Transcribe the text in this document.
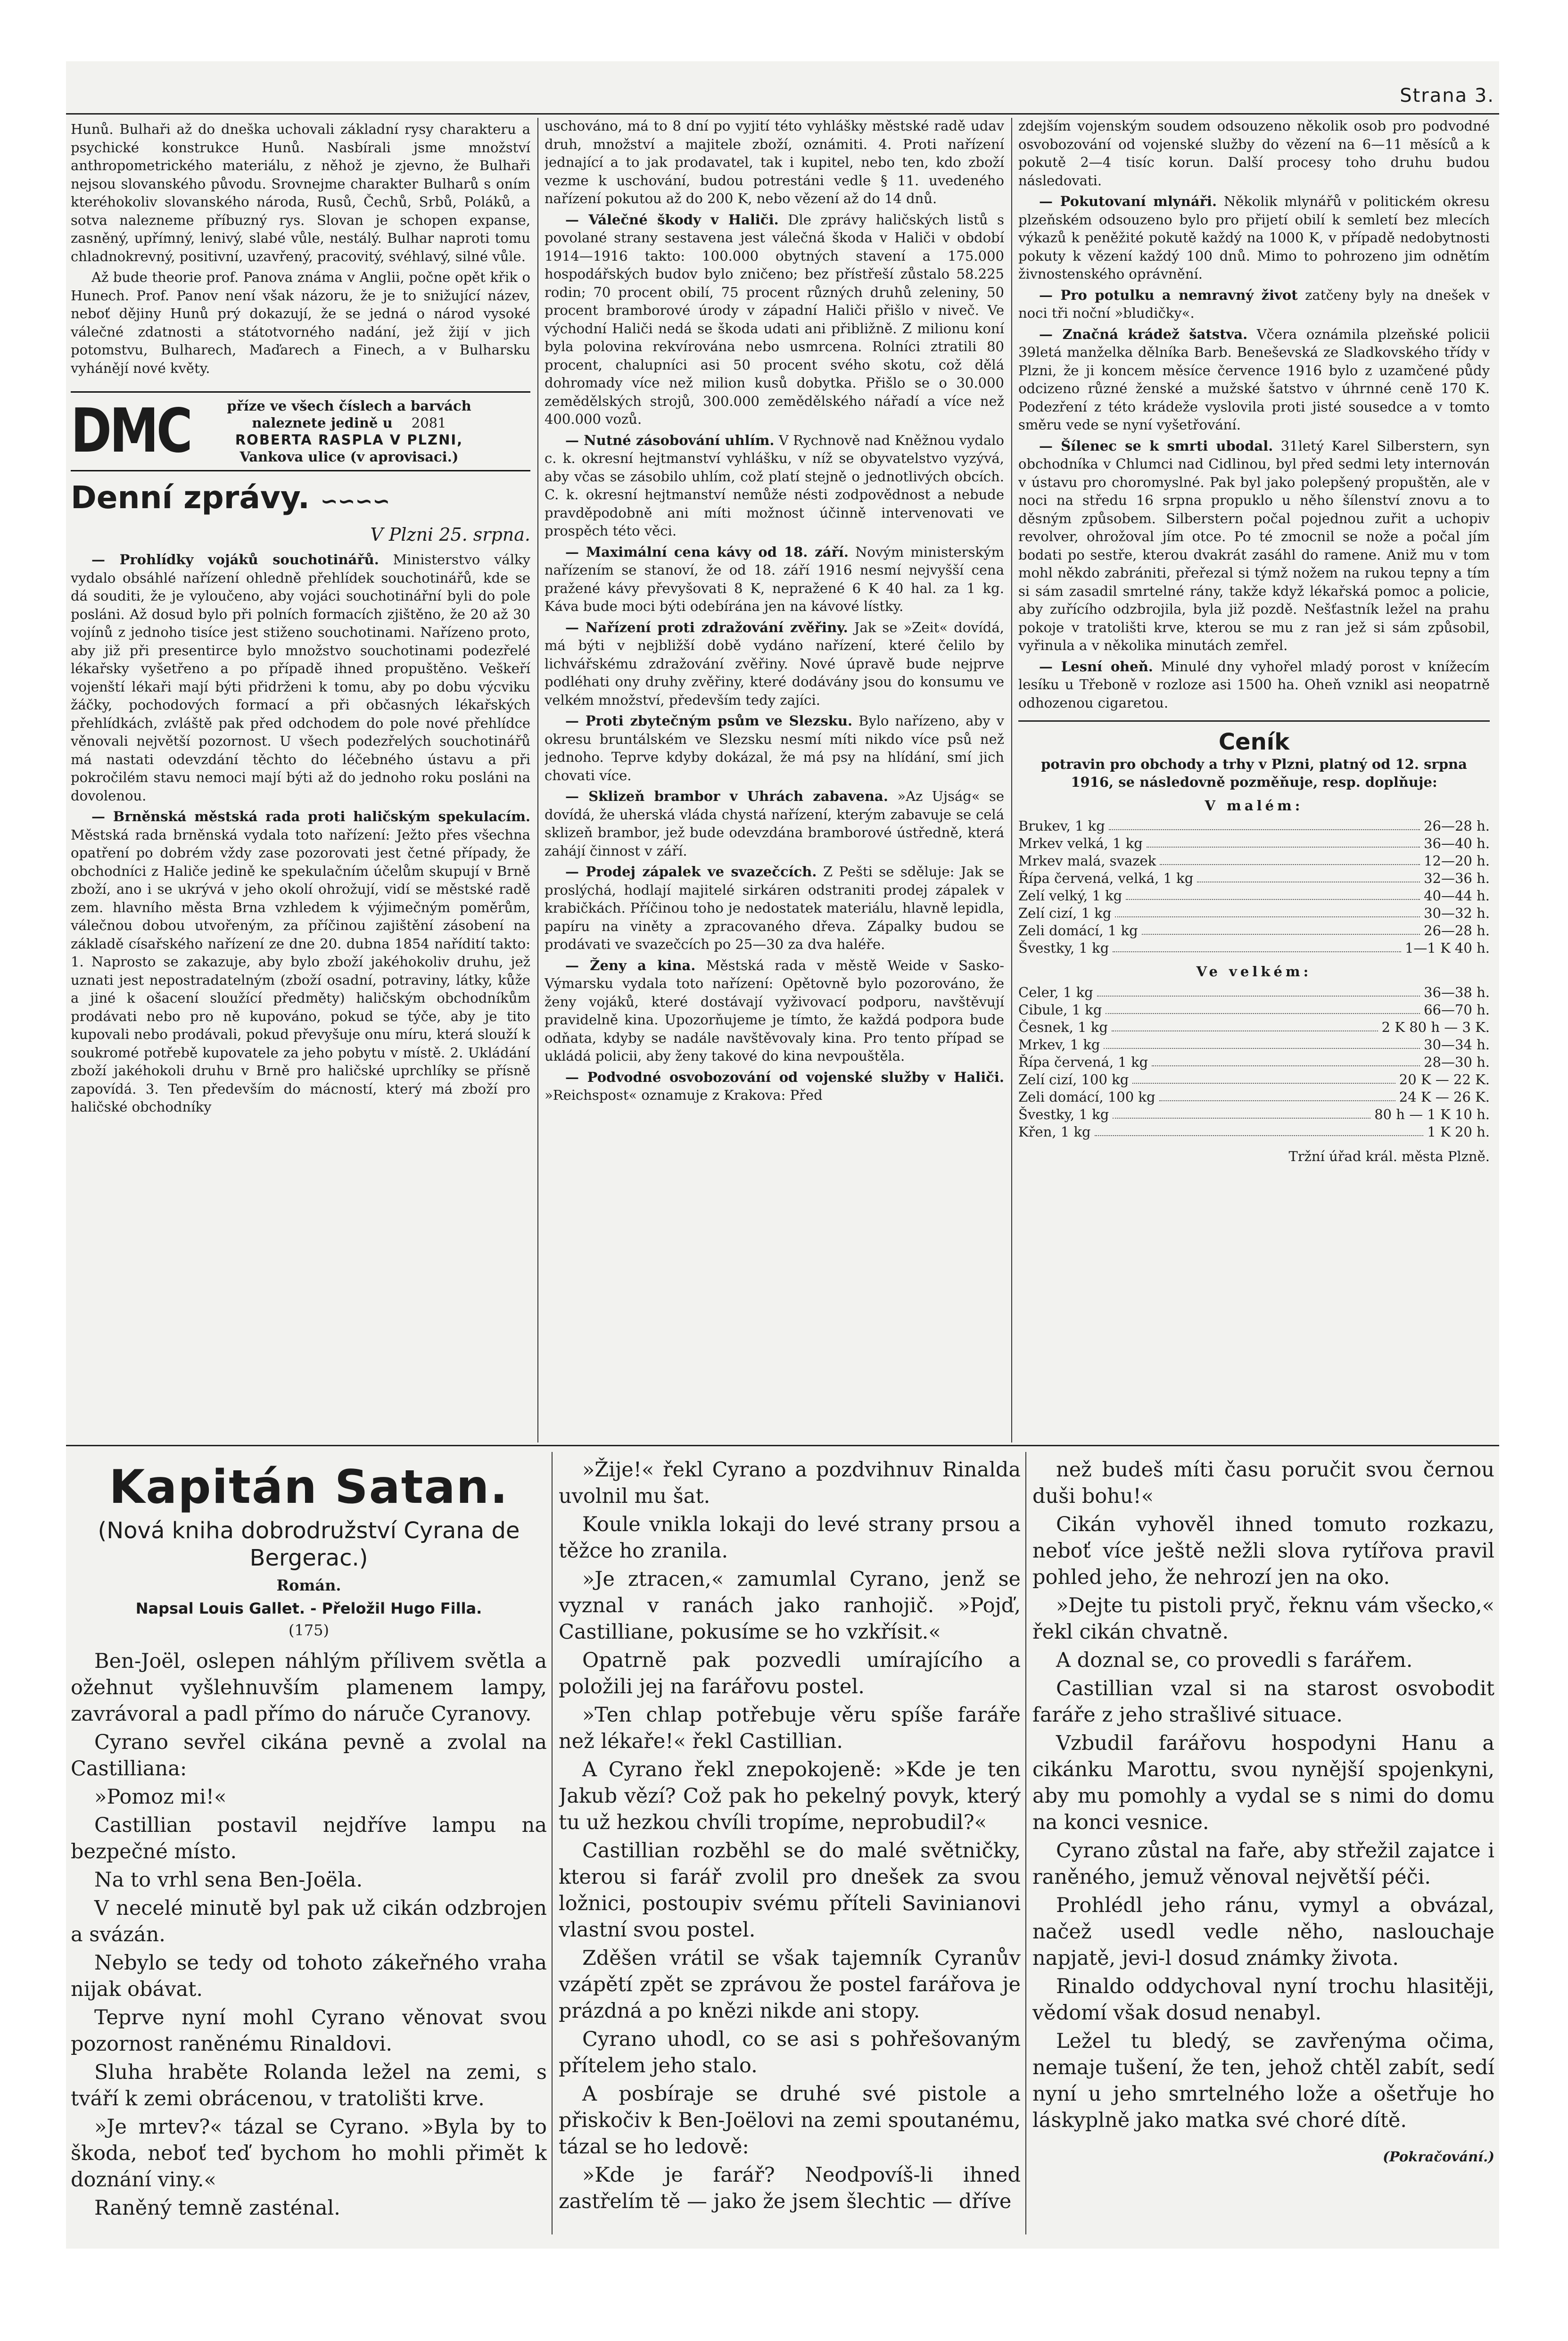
Strana 3.

Hunů. Bulhaři až do dneška uchovali základní rysy charakteru a psychické konstrukce Hunů. Nasbírali jsme množství anthropometrického materiálu, z něhož je zjevno, že Bulhaři nejsou slovanského původu. Srovnejme charakter Bulharů s oním kteréhokoliv slovanského národa, Rusů, Čechů, Srbů, Poláků, a sotva nalezneme příbuzný rys. Slovan je schopen expanse, zasněný, upřímný, lenivý, slabé vůle, nestálý. Bulhar naproti tomu chladnokrevný, positivní, uzavřený, pracovitý, svéhlavý, silné vůle.

Až bude theorie prof. Panova známa v Anglii, počne opět křik o Hunech. Prof. Panov není však názoru, že je to snižující název, neboť dějiny Hunů prý dokazují, že se jedná o národ vysoké válečné zdatnosti a státotvorného nadání, jež žijí v jich potomstvu, Bulharech, Maďarech a Finech, a v Bulharsku vyhánějí nové květy.

DMC	příze ve všech číslech a barvách
naleznete jedině u 2081
ROBERTA RASPLA V PLZNI,
Vankova ulice (v aprovisaci.)
Denní zprávy. ∽∽∽∽
V Plzni 25. srpna.

— Prohlídky vojáků souchotinářů. Ministerstvo války vydalo obsáhlé nařízení ohledně přehlídek souchotinářů, kde se dá souditi, že je vyloučeno, aby vojáci souchotinářní byli do pole posláni. Až dosud bylo při polních formacích zjištěno, že 20 až 30 vojínů z jednoho tisíce jest stiženo souchotinami. Nařízeno proto, aby již při presentirce bylo množstvo souchotinami podezřelé lékařsky vyšetřeno a po případě ihned propuštěno. Veškeří vojenští lékaři mají býti přidrženi k tomu, aby po dobu výcviku žáčky, pochodových formací a při občasných lékařských přehlídkách, zvláště pak před odchodem do pole nové přehlídce věnovali největší pozornost. U všech podezřelých souchotinářů má nastati odevzdání těchto do léčebného ústavu a při pokročilém stavu nemoci mají býti až do jednoho roku posláni na dovolenou.

— Brněnská městská rada proti haličským spekulacím. Městská rada brněnská vydala toto nařízení: Ježto přes všechna opatření po dobrém vždy zase pozorovati jest četné případy, že obchodníci z Haliče jedině ke spekulačním účelům skupují v Brně zboží, ano i se ukrývá v jeho okolí ohrožují, vidí se městské radě zem. hlavního města Brna vzhledem k výjimečným poměrům, válečnou dobou utvořeným, za příčinou zajištění zásobení na základě císařského nařízení ze dne 20. dubna 1854 nařídití takto: 1. Naprosto se zakazuje, aby bylo zboží jakéhokoliv druhu, jež uznati jest nepostradatelným (zboží osadní, potraviny, látky, kůže a jiné k ošacení sloužící předměty) haličským obchodníkům prodávati nebo pro ně kupováno, pokud se týče, aby je tito kupovali nebo prodávali, pokud převyšuje onu míru, která slouží k soukromé potřebě kupovatele za jeho pobytu v místě. 2. Ukládání zboží jakéhokoli druhu v Brně pro haličské uprchlíky se přísně zapovídá. 3. Ten především do mácností, který má zboží pro haličské obchodníky

uschováno, má to 8 dní po vyjití této vyhlášky městské radě udav druh, množství a majitele zboží, oznámiti. 4. Proti nařízení jednající a to jak prodavatel, tak i kupitel, nebo ten, kdo zboží vezme k uschování, budou potrestáni vedle § 11. uvedeného nařízení pokutou až do 200 K, nebo vězení až do 14 dnů.

— Válečné škody v Haliči. Dle zprávy haličských listů s povolané strany sestavena jest válečná škoda v Haliči v období 1914—1916 takto: 100.000 obytných stavení a 175.000 hospodářských budov bylo zničeno; bez přístřeší zůstalo 58.225 rodin; 70 procent obilí, 75 procent různých druhů zeleniny, 50 procent bramborové úrody v západní Haliči přišlo v niveč. Ve východní Haliči nedá se škoda udati ani přibližně. Z milionu koní byla polovina rekvírována nebo usmrcena. Rolníci ztratili 80 procent, chalupníci asi 50 procent svého skotu, což dělá dohromady více než milion kusů dobytka. Přišlo se o 30.000 zemědělských strojů, 300.000 zemědělského nářadí a více než 400.000 vozů.

— Nutné zásobování uhlím. V Rychnově nad Kněžnou vydalo c. k. okresní hejtmanství vyhlášku, v níž se obyvatelstvo vyzývá, aby včas se zásobilo uhlím, což platí stejně o jednotlivých obcích. C. k. okresní hejtmanství nemůže nésti zodpovědnost a nebude pravděpodobně ani míti možnost účinně intervenovati ve prospěch této věci.

— Maximální cena kávy od 18. září. Novým ministerským nařízením se stanoví, že od 18. září 1916 nesmí nejvyšší cena pražené kávy převyšovati 8 K, nepražené 6 K 40 hal. za 1 kg. Káva bude moci býti odebírána jen na kávové lístky.

— Nařízení proti zdražování zvěřiny. Jak se »Zeit« dovídá, má býti v nejbližší době vydáno nařízení, které čelilo by lichvářskému zdražování zvěřiny. Nové úpravě bude nejprve podléhati ony druhy zvěřiny, které dodávány jsou do konsumu ve velkém množství, především tedy zajíci.

— Proti zbytečným psům ve Slezsku. Bylo nařízeno, aby v okresu bruntálském ve Slezsku nesmí míti nikdo více psů než jednoho. Teprve kdyby dokázal, že má psy na hlídání, smí jich chovati více.

— Sklizeň brambor v Uhrách zabavena. »Az Ujság« se dovídá, že uherská vláda chystá nařízení, kterým zabavuje se celá sklizeň brambor, jež bude odevzdána bramborové ústředně, která zahájí činnost v září.

— Prodej zápalek ve svazečcích. Z Pešti se sděluje: Jak se proslýchá, hodlají majitelé sirkáren odstraniti prodej zápalek v krabičkách. Příčinou toho je nedostatek materiálu, hlavně lepidla, papíru na viněty a zpracovaného dřeva. Zápalky budou se prodávati ve svazečcích po 25—30 za dva haléře.

— Ženy a kina. Městská rada v městě Weide v Sasko-Výmarsku vydala toto nařízení: Opětovně bylo pozorováno, že ženy vojáků, které dostávají vyživovací podporu, navštěvují pravidelně kina. Upozorňujeme je tímto, že každá podpora bude odňata, kdyby se nadále navštěvovaly kina. Pro tento případ se ukládá policii, aby ženy takové do kina nevpouštěla.

— Podvodné osvobozování od vojenské služby v Haliči. »Reichspost« oznamuje z Krakova: Před

zdejším vojenským soudem odsouzeno několik osob pro podvodné osvobozování od vojenské služby do vězení na 6—11 měsíců a k pokutě 2—4 tisíc korun. Další procesy toho druhu budou následovati.

— Pokutovaní mlynáři. Několik mlynářů v politickém okresu plzeňském odsouzeno bylo pro přijetí obilí k semletí bez mlecích výkazů k peněžité pokutě každý na 1000 K, v případě nedobytnosti pokuty k vězení každý 100 dnů. Mimo to pohrozeno jim odnětím živnostenského oprávnění.

— Pro potulku a nemravný život zatčeny byly na dnešek v noci tři noční »bludičky«.

— Značná krádež šatstva. Včera oznámila plzeňské policii 39letá manželka dělníka Barb. Beneševská ze Sladkovského třídy v Plzni, že ji koncem měsíce července 1916 bylo z uzamčené půdy odcizeno různé ženské a mužské šatstvo v úhrnné ceně 170 K. Podezření z této krádeže vyslovila proti jisté sousedce a v tomto směru vede se nyní vyšetřování.

— Šílenec se k smrti ubodal. 31letý Karel Silberstern, syn obchodníka v Chlumci nad Cidlinou, byl před sedmi lety internován v ústavu pro choromyslné. Pak byl jako polepšený propuštěn, ale v noci na středu 16 srpna propuklo u něho šílenství znovu a to děsným způsobem. Silberstern počal pojednou zuřit a uchopiv revolver, ohrožoval jím otce. Po té zmocnil se nože a počal jím bodati po sestře, kterou dvakrát zasáhl do ramene. Aniž mu v tom mohl někdo zabrániti, přeřezal si týmž nožem na rukou tepny a tím si sám zasadil smrtelné rány, takže když lékařská pomoc a policie, aby zuřícího odzbrojila, byla již pozdě. Nešťastník ležel na prahu pokoje v tratolišti krve, kterou se mu z ran jež si sám způsobil, vyřinula a v několika minutách zemřel.

— Lesní oheň. Minulé dny vyhořel mladý porost v knížecím lesíku u Třeboně v rozloze asi 1500 ha. Oheň vznikl asi neopatrně odhozenou cigaretou.

Ceník
potravin pro obchody a trhy v Plzni, platný od 12. srpna 1916, se následovně pozměňuje, resp. doplňuje:
V malém:
Brukev, 1 kg	26—28 h.
Mrkev velká, 1 kg	36—40 h.
Mrkev malá, svazek	12—20 h.
Řípa červená, velká, 1 kg	32—36 h.
Zelí velký, 1 kg	40—44 h.
Zelí cizí, 1 kg	30—32 h.
Zeli domácí, 1 kg	26—28 h.
Švestky, 1 kg	1—1 K 40 h.
Ve velkém:
Celer, 1 kg	36—38 h.
Cibule, 1 kg	66—70 h.
Česnek, 1 kg	2 K 80 h — 3 K.
Mrkev, 1 kg	30—34 h.
Řípa červená, 1 kg	28—30 h.
Zelí cizí, 100 kg	20 K — 22 K.
Zeli domácí, 100 kg	24 K — 26 K.
Švestky, 1 kg	80 h — 1 K 10 h.
Křen, 1 kg	1 K 20 h.
Tržní úřad král. města Plzně.
Kapitán Satan.
(Nová kniha dobrodružství Cyrana de Bergerac.)
Román.
Napsal Louis Gallet. - Přeložil Hugo Filla.
(175)

Ben-Joël, oslepen náhlým přílivem světla a ožehnut vyšlehnuvším plamenem lampy, zavrávoral a padl přímo do náruče Cyranovy.

Cyrano sevřel cikána pevně a zvolal na Castilliana:

»Pomoz mi!«

Castillian postavil nejdříve lampu na bezpečné místo.

Na to vrhl sena Ben-Joëla.

V necelé minutě byl pak už cikán odzbrojen a svázán.

Nebylo se tedy od tohoto zákeřného vraha nijak obávat.

Teprve nyní mohl Cyrano věnovat svou pozornost raněnému Rinaldovi.

Sluha hraběte Rolanda ležel na zemi, s tváří k zemi obrácenou, v tratolišti krve.

»Je mrtev?« tázal se Cyrano. »Byla by to škoda, neboť teď bychom ho mohli přimět k doznání viny.«

Raněný temně zasténal.

»Žije!« řekl Cyrano a pozdvihnuv Rinalda uvolnil mu šat.

Koule vnikla lokaji do levé strany prsou a těžce ho zranila.

»Je ztracen,« zamumlal Cyrano, jenž se vyznal v ranách jako ranhojič. »Pojď, Castilliane, pokusíme se ho vzkřísit.«

Opatrně pak pozvedli umírajícího a položili jej na farářovu postel.

»Ten chlap potřebuje věru spíše faráře než lékaře!« řekl Castillian.

A Cyrano řekl znepokojeně: »Kde je ten Jakub vězí? Což pak ho pekelný povyk, který tu už hezkou chvíli tropíme, neprobudil?«

Castillian rozběhl se do malé světničky, kterou si farář zvolil pro dnešek za svou ložnici, postoupiv svému příteli Savinianovi vlastní svou postel.

Zděšen vrátil se však tajemník Cyranův vzápětí zpět se zprávou že postel farářova je prázdná a po knězi nikde ani stopy.

Cyrano uhodl, co se asi s pohřešovaným přítelem jeho stalo.

A posbíraje se druhé své pistole a přiskočiv k Ben-Joëlovi na zemi spoutanému, tázal se ho ledově:

»Kde je farář? Neodpovíš-li ihned zastřelím tě — jako že jsem šlechtic — dříve

než budeš míti času poručit svou černou duši bohu!«

Cikán vyhověl ihned tomuto rozkazu, neboť více ještě nežli slova rytířova pravil pohled jeho, že nehrozí jen na oko.

»Dejte tu pistoli pryč, řeknu vám všecko,« řekl cikán chvatně.

A doznal se, co provedli s farářem.

Castillian vzal si na starost osvobodit faráře z jeho strašlivé situace.

Vzbudil farářovu hospodyni Hanu a cikánku Marottu, svou nynější spojenkyni, aby mu pomohly a vydal se s nimi do domu na konci vesnice.

Cyrano zůstal na faře, aby střežil zajatce i raněného, jemuž věnoval největší péči.

Prohlédl jeho ránu, vymyl a obvázal, načež usedl vedle něho, naslouchaje napjatě, jevi-l dosud známky života.

Rinaldo oddychoval nyní trochu hlasitěji, vědomí však dosud nenabyl.

Ležel tu bledý, se zavřenýma očima, nemaje tušení, že ten, jehož chtěl zabít, sedí nyní u jeho smrtelného lože a ošetřuje ho láskyplně jako matka své choré dítě.

(Pokračování.)
